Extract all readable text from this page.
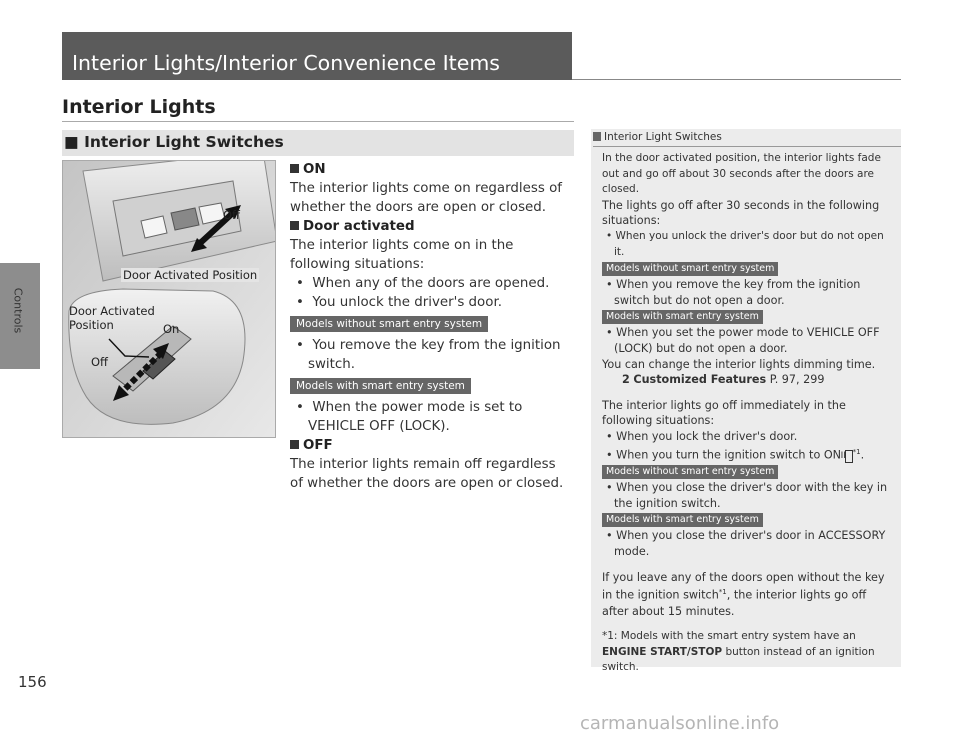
Controls
Interior Lights/Interior Convenience Items
Interior Lights
■ Interior Light Switches
Off
Door Activated Position
Door Activated
Position	On
Off
ON
The interior lights come on regardless of whether the doors are open or closed.
Door activated
The interior lights come on in the following situations:
•  When any of the doors are opened.
•  You unlock the driver's door.
Models without smart entry system
•  You remove the key from the ignition switch.
Models with smart entry system
•  When the power mode is set to VEHICLE OFF (LOCK).
OFF
The interior lights remain off regardless of whether the doors are open or closed.
Interior Light Switches
In the door activated position, the interior lights fade out and go off about 30 seconds after the doors are closed.
The lights go off after 30 seconds in the following situations:
• When you unlock the driver's door but do not open it.
Models without smart entry system
• When you remove the key from the ignition switch but do not open a door.
Models with smart entry system
• When you set the power mode to VEHICLE OFF (LOCK) but do not open a door.
You can change the interior lights dimming time.
2 Customized Features P. 97, 299
The interior lights go off immediately in the following situations:
• When you lock the driver's door.
• When you turn the ignition switch to ON II $^{*1}$.
Models without smart entry system
• When you close the driver's door with the key in the ignition switch.
Models with smart entry system
• When you close the driver's door in ACCESSORY mode.
If you leave any of the doors open without the key in the ignition switch$^{*1}$, the interior lights go off after about 15 minutes.
*1: Models with the smart entry system have an ENGINE START/STOP button instead of an ignition switch.
156
carmanualsonline.info
